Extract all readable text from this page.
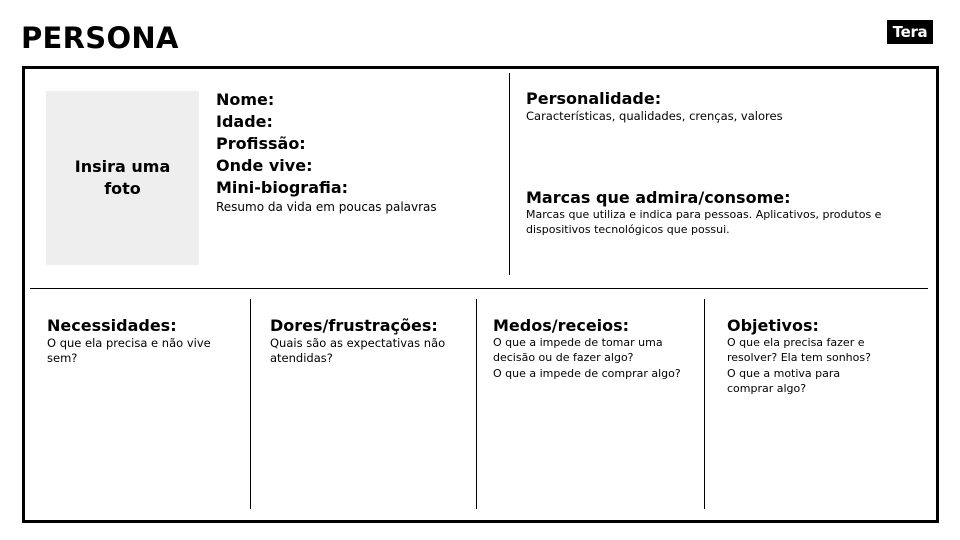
PERSONA	Tera
Insira uma foto
Nome:
Idade:
Profissão:
Onde vive:
Mini-biografia:
Resumo da vida em poucas palavras
Personalidade:
Características, qualidades, crenças, valores
Marcas que admira/consome:
Marcas que utiliza e indica para pessoas. Aplicativos, produtos e dispositivos tecnológicos que possui.
Necessidades:
O que ela precisa e não vive sem?
Dores/frustrações:
Quais são as expectativas não atendidas?
Medos/receios:
O que a impede de tomar uma decisão ou de fazer algo?
O que a impede de comprar algo?
Objetivos:
O que ela precisa fazer e resolver? Ela tem sonhos?
O que a motiva para comprar algo?
